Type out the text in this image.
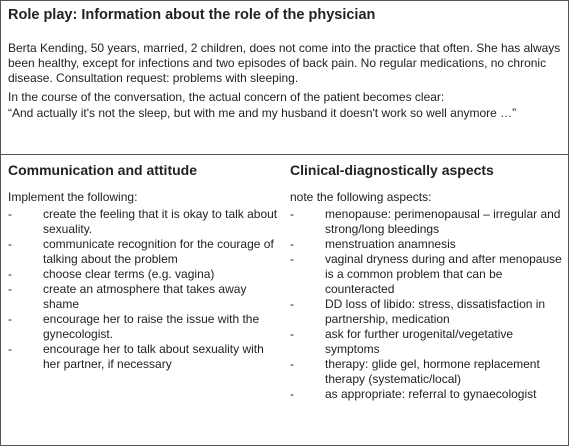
Role play: Information about the role of the physician

Berta Kending, 50 years, married, 2 children, does not come into the practice that often. She has always been healthy, except for infections and two episodes of back pain. No regular medications, no chronic disease. Consultation request: problems with sleeping.

In the course of the conversation, the actual concern of the patient becomes clear:

“And actually it's not the sleep, but with me and my husband it doesn't work so well anymore …”

Communication and attitude
Implement the following:
-	create the feeling that it is okay to talk about sexuality.
-	communicate recognition for the courage of talking about the problem
-	choose clear terms (e.g. vagina)
-	create an atmosphere that takes away shame
-	encourage her to raise the issue with the gynecologist.
-	encourage her to talk about sexuality with her partner, if necessary
Clinical-diagnostically aspects
note the following aspects:
-	menopause: perimenopausal – irregular and strong/long bleedings
-	menstruation anamnesis
-	vaginal dryness during and after menopause is a common problem that can be counteracted
-	DD loss of libido: stress, dissatisfaction in partnership, medication
-	ask for further urogenital/vegetative symptoms
-	therapy: glide gel, hormone replacement therapy (systematic/local)
-	as appropriate: referral to gynaecologist
